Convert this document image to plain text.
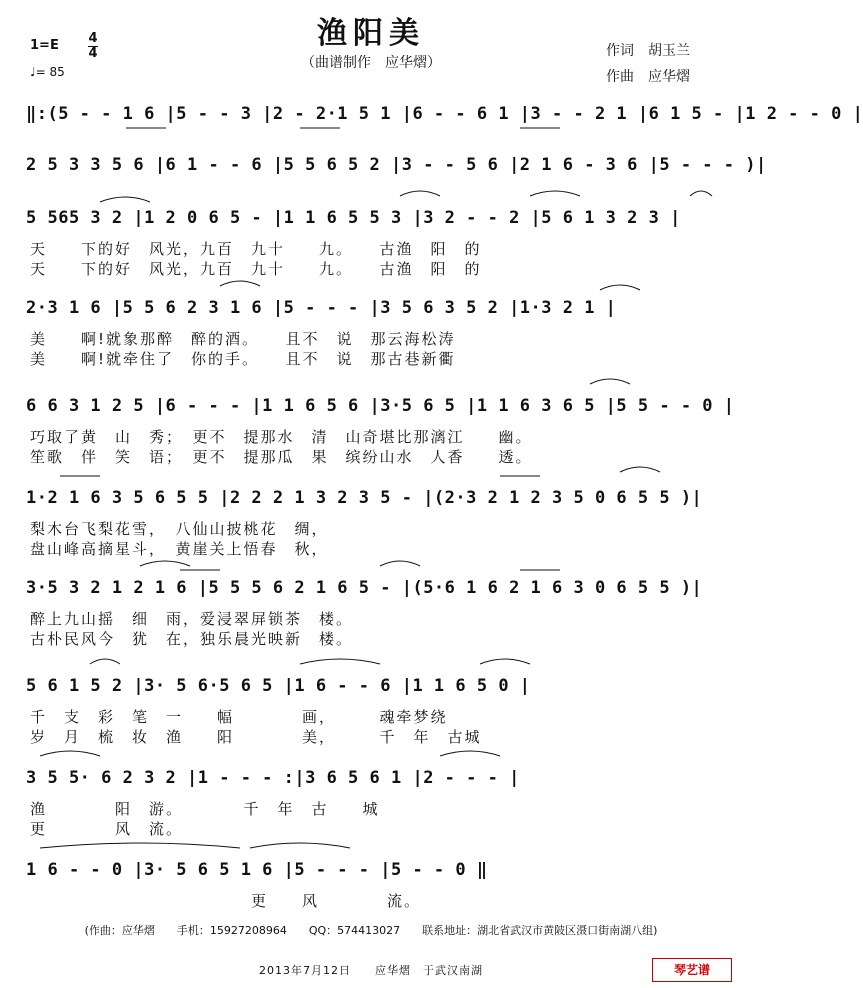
渔阳美
（曲谱制作　应华熠）
1=E 4
4
♩= 85
作词　胡玉兰
作曲　应华熠
‖:(5 - - 1 6 |5 - - 3 |2 - 2·1 5 1 |6 - - 6 1 |3 - - 2 1 |6 1 5 - |1 2 - - 0 |
2 5 3 3 5 6 |6 1 - - 6 |5 5 6 5 2 |3 - - 5 6 |2 1 6 - 3 6 |5 - - - )|
5 565 3 2 |1 2 0 6 5 - |1 1 6 5 5 3 |3 2 - - 2 |5 6 1 3 2 3 |
天　　下的好　风光，九百　九十　　九。　　古渔　阳　的
天　　下的好　风光，九百　九十　　九。　　古渔　阳　的
2·3 1 6 |5 5 6 2 3 1 6 |5 - - - |3 5 6 3 5 2 |1·3 2 1 |
美　　啊!就象那醉　醉的酒。　　且不　说　那云海松涛
美　　啊!就牵住了　你的手。　　且不　说　那古巷新衢
6 6 3 1 2 5 |6 - - - |1 1 6 5 6 |3·5 6 5 |1 1 6 3 6 5 |5 5 - - 0 |
巧取了黄　山　秀；　更不　提那水　清　山奇堪比那漓江　　幽。
笙歌　伴　笑　语；　更不　提那瓜　果　缤纷山水　人香　　透。
1·2 1 6 3 5 6 5 5 |2 2 2 1 3 2 3 5 - |(2·3 2 1 2 3 5 0 6 5 5 )|
梨木台飞梨花雪，　八仙山披桃花　绸，
盘山峰高摘星斗，　黄崖关上悟春　秋，
3·5 3 2 1 2 1 6 |5 5 5 6 2 1 6 5 - |(5·6 1 6 2 1 6 3 0 6 5 5 )|
醉上九山摇　细　雨，爱浸翠屏锁茶　楼。
古朴民风今　犹　在，独乐晨光映新　楼。
5 6 1 5 2 |3· 5 6·5 6 5 |1 6 - - 6 |1 1 6 5 0 |
千　支　彩　笔　一　　幅　　　　画，　　　魂牵梦绕
岁　月　梳　妆　渔　　阳　　　　美，　　　千　年　古城
3 5 5· 6 2 3 2 |1 - - - :|3 6 5 6 1 |2 - - - |
渔　　　　阳　游。　　　　千　年　古　　城
更　　　　风　流。
1 6 - - 0 |3· 5 6 5 1 6 |5 - - - |5 - - 0 ‖
　　　　　　　　　　　　　更　　风　　　　流。
(作曲：应华熠　　手机：15927208964　　QQ：574413027　　联系地址：湖北省武汉市黄陂区滠口街南湖八组)
2013年7月12日　　应华熠　于武汉南湖	琴艺谱
